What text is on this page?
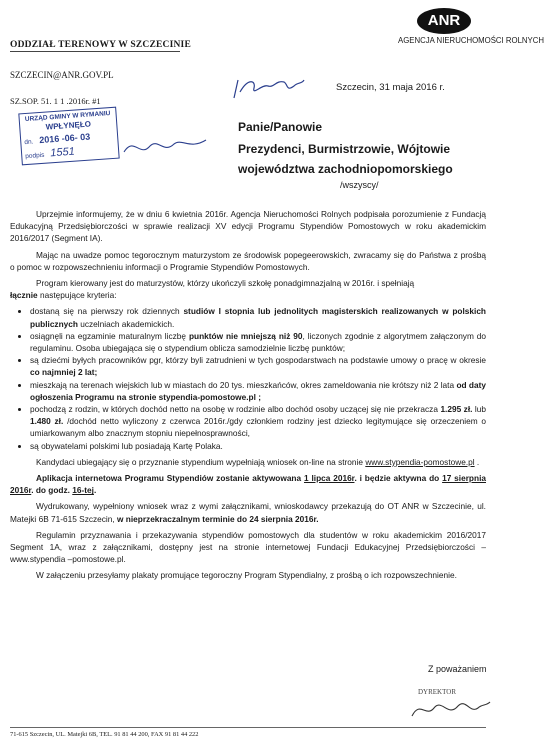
ODDZIAŁ TERENOWY W SZCZECINIE
SZCZECIN@ANR.GOV.PL
SZ.SOP. 51. 1 1 .2016r. #1
ANR
AGENCJA NIERUCHOMOŚCI ROLNYCH
Szczecin, 31 maja 2016 r.
URZĄD GMINY W RYMANIU
WPŁYNĘŁO
dn. 2016 -06- 03
podpis 1551
Panie/Panowie
Prezydenci, Burmistrzowie, Wójtowie
województwa zachodniopomorskiego
/wszyscy/

Uprzejmie informujemy, że w dniu 6 kwietnia 2016r. Agencja Nieruchomości Rolnych podpisała porozumienie z Fundacją Edukacyjną Przedsiębiorczości w sprawie realizacji XV edycji Programu Stypendiów Pomostowych w roku akademickim 2016/2017 (Segment IA).

Mając na uwadze pomoc tegorocznym maturzystom ze środowisk popegeerowskich, zwracamy się do Państwa z prośbą o pomoc w rozpowszechnieniu informacji o Programie Stypendiów Pomostowych.

Program kierowany jest do maturzystów, którzy ukończyli szkołę ponadgimnazjalną w 2016r. i spełniają

łącznie następujące kryteria:

• dostaną się na pierwszy rok dziennych studiów I stopnia lub jednolitych magisterskich realizowanych w polskich publicznych uczelniach akademickich.
• osiągnęli na egzaminie maturalnym liczbę punktów nie mniejszą niż 90, liczonych zgodnie z algorytmem załączonym do regulaminu. Osoba ubiegająca się o stypendium oblicza samodzielnie liczbę punktów;
• są dziećmi byłych pracowników pgr, którzy byli zatrudnieni w tych gospodarstwach na podstawie umowy o pracę w okresie co najmniej 2 lat;
• mieszkają na terenach wiejskich lub w miastach do 20 tys. mieszkańców, okres zameldowania nie krótszy niż 2 lata od daty ogłoszenia Programu na stronie stypendia-pomostowe.pl ;
• pochodzą z rodzin, w których dochód netto na osobę w rodzinie albo dochód osoby uczącej się nie przekracza 1.295 zł. lub 1.480 zł. /dochód netto wyliczony z czerwca 2016r./gdy członkiem rodziny jest dziecko legitymujące się orzeczeniem o umiarkowanym albo znacznym stopniu niepełnosprawności,
• są obywatelami polskimi lub posiadają Kartę Polaka.

Kandydaci ubiegający się o przyznanie stypendium wypełniają wniosek on-line na stronie www.stypendia-pomostowe.pl .

Aplikacja internetowa Programu Stypendiów zostanie aktywowana 1 lipca 2016r. i będzie aktywna do 17 sierpnia 2016r. do godz. 16-tej.

Wydrukowany, wypełniony wniosek wraz z wymi załącznikami, wnioskodawcy przekazują do OT ANR w Szczecinie, ul. Matejki 6B 71-615 Szczecin, w nieprzekraczalnym terminie do 24 sierpnia 2016r.

Regulamin przyznawania i przekazywania stypendiów pomostowych dla studentów w roku akademickim 2016/2017 Segment 1A, wraz z załącznikami, dostępny jest na stronie internetowej Fundacji Edukacyjnej Przedsiębiorczości – www.stypendia –pomostowe.pl.

W załączeniu przesyłamy plakaty promujące tegoroczny Program Stypendialny, z prośbą o ich rozpowszechnienie.

Z poważaniem
DYREKTOR
71-615 Szczecin, UL. Matejki 6B, TEL. 91 81 44 200, FAX 91 81 44 222
